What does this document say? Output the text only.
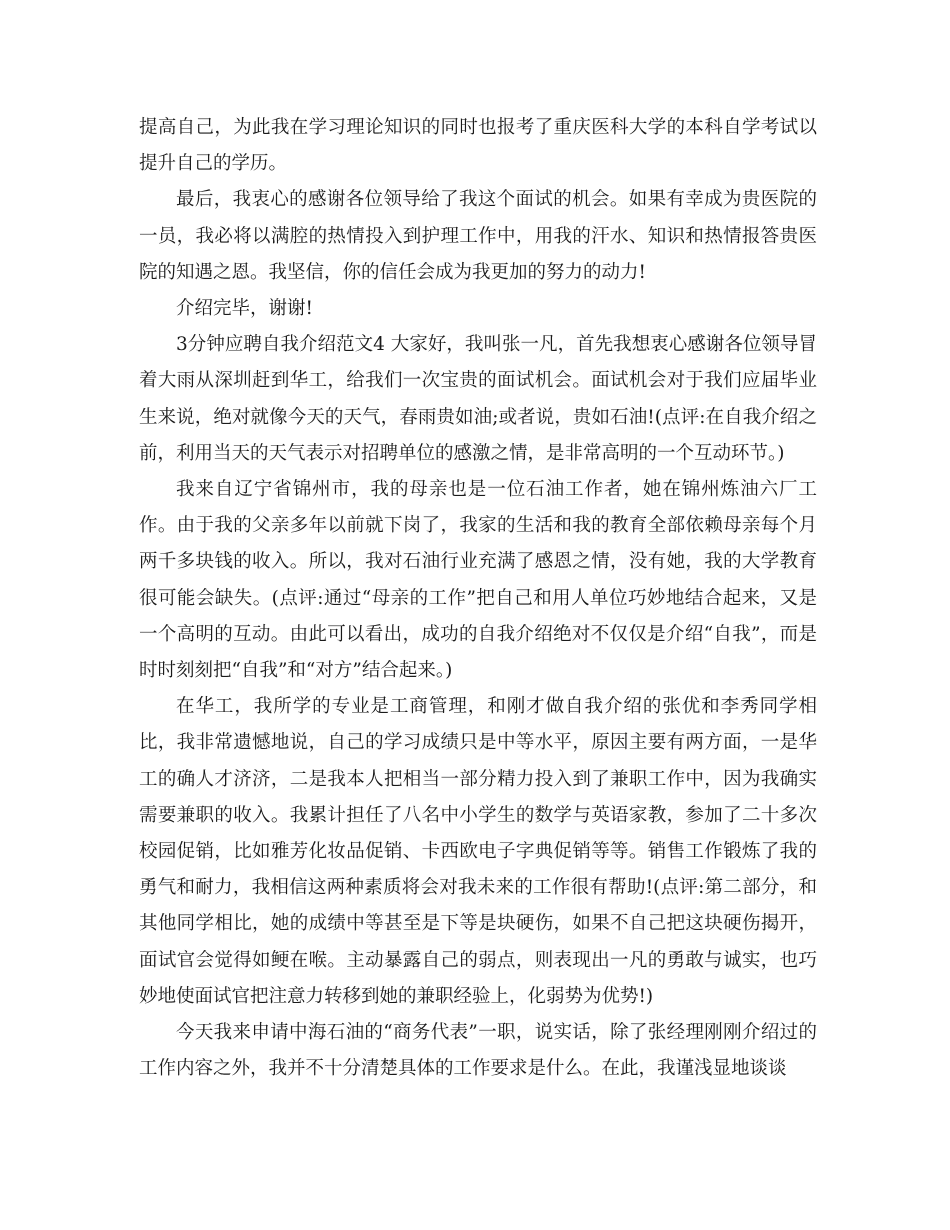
提高自己，为此我在学习理论知识的同时也报考了重庆医科大学的本科自学考试以提升自己的学历。

最后，我衷心的感谢各位领导给了我这个面试的机会。如果有幸成为贵医院的一员，我必将以满腔的热情投入到护理工作中，用我的汗水、知识和热情报答贵医院的知遇之恩。我坚信，你的信任会成为我更加的努力的动力!

介绍完毕，谢谢!

3分钟应聘自我介绍范文4 大家好，我叫张一凡，首先我想衷心感谢各位领导冒着大雨从深圳赶到华工，给我们一次宝贵的面试机会。面试机会对于我们应届毕业生来说，绝对就像今天的天气，春雨贵如油;或者说，贵如石油!(点评:在自我介绍之前，利用当天的天气表示对招聘单位的感激之情，是非常高明的一个互动环节。)

我来自辽宁省锦州市，我的母亲也是一位石油工作者，她在锦州炼油六厂工作。由于我的父亲多年以前就下岗了，我家的生活和我的教育全部依赖母亲每个月两千多块钱的收入。所以，我对石油行业充满了感恩之情，没有她，我的大学教育很可能会缺失。(点评:通过“母亲的工作”把自己和用人单位巧妙地结合起来，又是一个高明的互动。由此可以看出，成功的自我介绍绝对不仅仅是介绍“自我”，而是时时刻刻把“自我”和“对方”结合起来。)

在华工，我所学的专业是工商管理，和刚才做自我介绍的张优和李秀同学相比，我非常遗憾地说，自己的学习成绩只是中等水平，原因主要有两方面，一是华工的确人才济济，二是我本人把相当一部分精力投入到了兼职工作中，因为我确实需要兼职的收入。我累计担任了八名中小学生的数学与英语家教，参加了二十多次校园促销，比如雅芳化妆品促销、卡西欧电子字典促销等等。销售工作锻炼了我的勇气和耐力，我相信这两种素质将会对我未来的工作很有帮助!(点评:第二部分，和其他同学相比，她的成绩中等甚至是下等是块硬伤，如果不自己把这块硬伤揭开，面试官会觉得如鲠在喉。主动暴露自己的弱点，则表现出一凡的勇敢与诚实，也巧妙地使面试官把注意力转移到她的兼职经验上，化弱势为优势!)

今天我来申请中海石油的“商务代表”一职，说实话，除了张经理刚刚介绍过的工作内容之外，我并不十分清楚具体的工作要求是什么。在此，我谨浅显地谈谈
